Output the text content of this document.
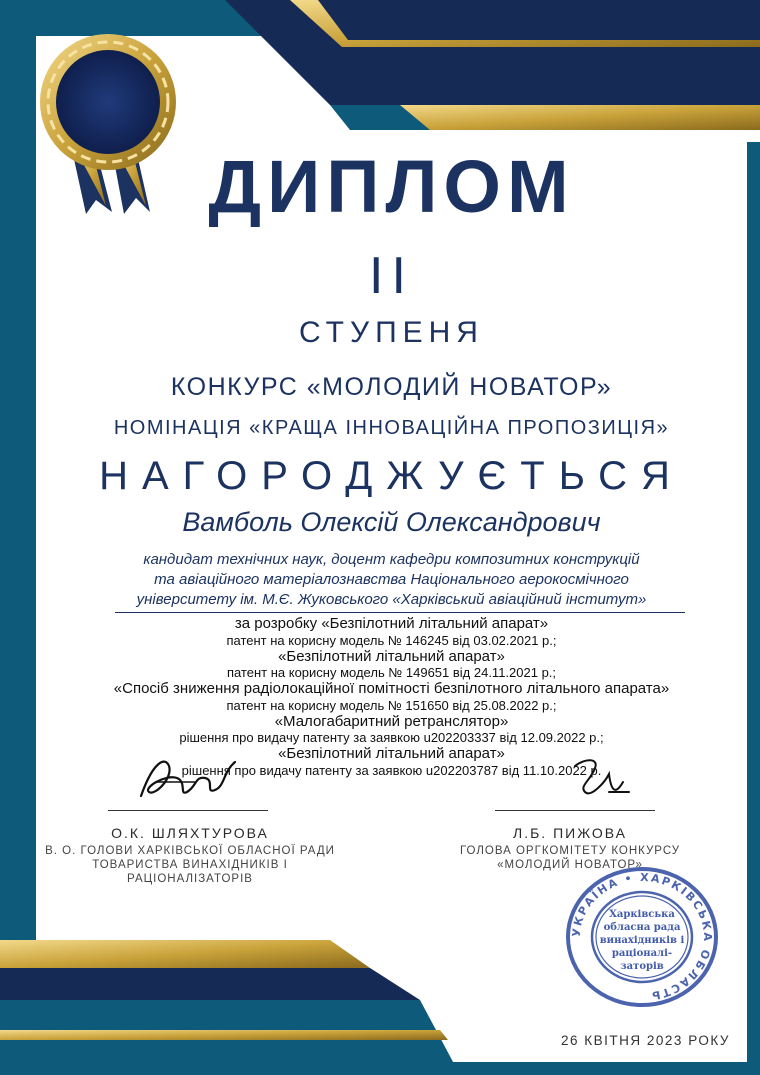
ДИПЛОМ
II
СТУПЕНЯ
КОНКУРС «МОЛОДИЙ НОВАТОР»
НОМІНАЦІЯ «КРАЩА ІННОВАЦІЙНА ПРОПОЗИЦІЯ»
НАГОРОДЖУЄТЬСЯ
Вамболь Олексій Олександрович
кандидат технічних наук, доцент кафедри композитних конструкцій
та авіаційного матеріалознавства Національного аерокосмічного
університету ім. М.Є. Жуковського «Харківський авіаційний інститут»
за розробку «Безпілотний літальний апарат»
патент на корисну модель № 146245 від 03.02.2021 р.;
«Безпілотний літальний апарат»
патент на корисну модель № 149651 від 24.11.2021 р.;
«Спосіб зниження радіолокаційної помітності безпілотного літального апарата»
патент на корисну модель № 151650 від 25.08.2022 р.;
«Малогабаритний ретранслятор»
рішення про видачу патенту за заявкою u202203337 від 12.09.2022 р.;
«Безпілотний літальний апарат»
рішення про видачу патенту за заявкою u202203787 від 11.10.2022 р.
О.К. ШЛЯХТУРОВА
В. О. ГОЛОВИ ХАРКІВСЬКОЇ ОБЛАСНОЇ РАДИ
ТОВАРИСТВА ВИНАХІДНИКІВ І
РАЦІОНАЛІЗАТОРІВ
Л.Б. ПИЖОВА
ГОЛОВА ОРГКОМІТЕТУ КОНКУРСУ
«МОЛОДИЙ НОВАТОР»
УКРАЇНА • ХАРКІВСЬКА ОБЛАСТЬ
Харківська
обласна рада
винахідників і
раціоналі-
заторів
26 КВІТНЯ 2023 РОКУ
